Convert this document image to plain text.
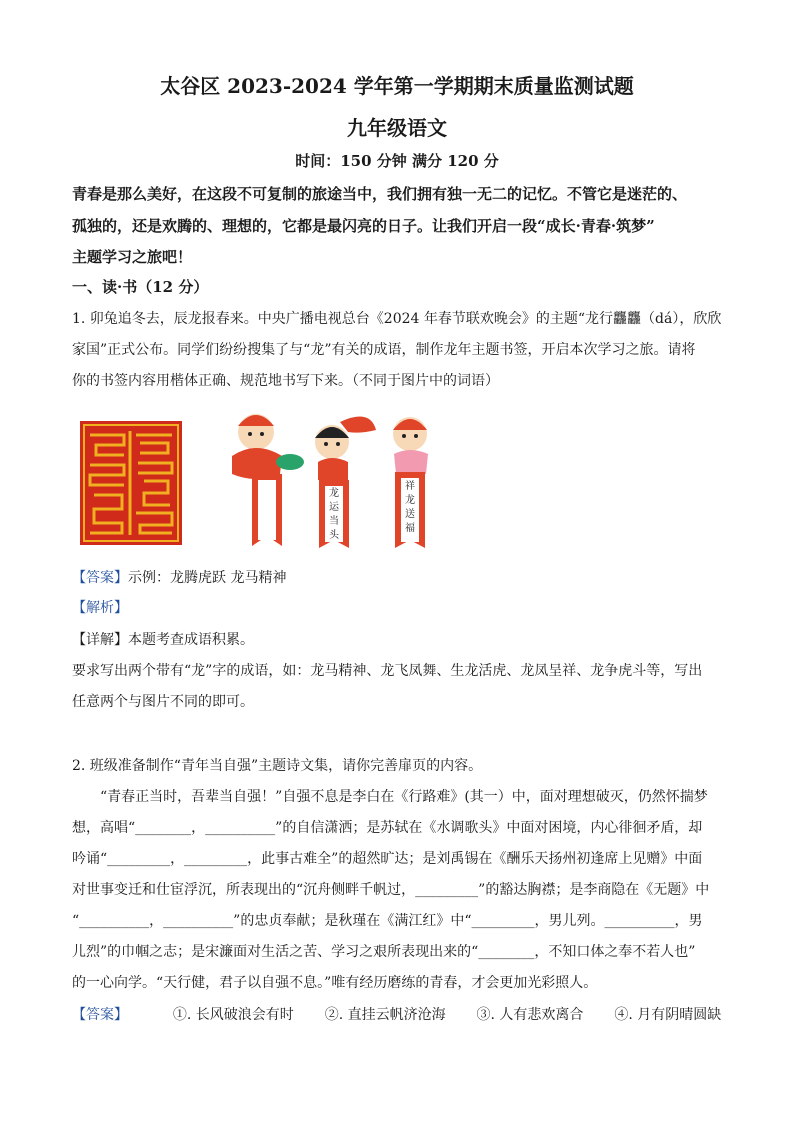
太谷区 2023-2024 学年第一学期期末质量监测试题
九年级语文
时间：150 分钟 满分 120 分
青春是那么美好，在这段不可复制的旅途当中，我们拥有独一无二的记忆。不管它是迷茫的、
孤独的，还是欢腾的、理想的，它都是最闪亮的日子。让我们开启一段“成长·青春·筑梦”
主题学习之旅吧！
一、读·书（12 分）
1. 卯兔追冬去，辰龙报春来。中央广播电视总台《2024 年春节联欢晚会》的主题“龙行龘龘（dá），欣欣
家国”正式公布。同学们纷纷搜集了与“龙”有关的成语，制作龙年主题书签，开启本次学习之旅。请将
你的书签内容用楷体正确、规范地书写下来。（不同于图片中的词语）
龙
运
当
头
祥
龙
送
福
【答案】示例：龙腾虎跃 龙马精神
【解析】
【详解】本题考查成语积累。
要求写出两个带有“龙”字的成语，如：龙马精神、龙飞凤舞、生龙活虎、龙凤呈祥、龙争虎斗等，写出
任意两个与图片不同的即可。
2. 班级准备制作“青年当自强”主题诗文集，请你完善扉页的内容。
“青春正当时，吾辈当自强！”自强不息是李白在《行路难》(其一）中，面对理想破灭，仍然怀揣梦
想，高唱“________，__________”的自信潇洒；是苏轼在《水调歌头》中面对困境，内心徘徊矛盾，却
吟诵“_________，_________，此事古难全”的超然旷达；是刘禹锡在《酬乐天扬州初逢席上见赠》中面
对世事变迁和仕宦浮沉，所表现出的“沉舟侧畔千帆过，_________”的豁达胸襟；是李商隐在《无题》中
“__________，__________”的忠贞奉献；是秋瑾在《满江红》中“_________，男儿列。__________，男
儿烈”的巾帼之志；是宋濂面对生活之苦、学习之艰所表现出来的“________，不知口体之奉不若人也”
的一心向学。“天行健，君子以自强不息。”唯有经历磨练的青春，才会更加光彩照人。
【答案】	①. 长风破浪会有时 ②. 直挂云帆济沧海 ③. 人有悲欢离合 ④. 月有阴晴圆缺
